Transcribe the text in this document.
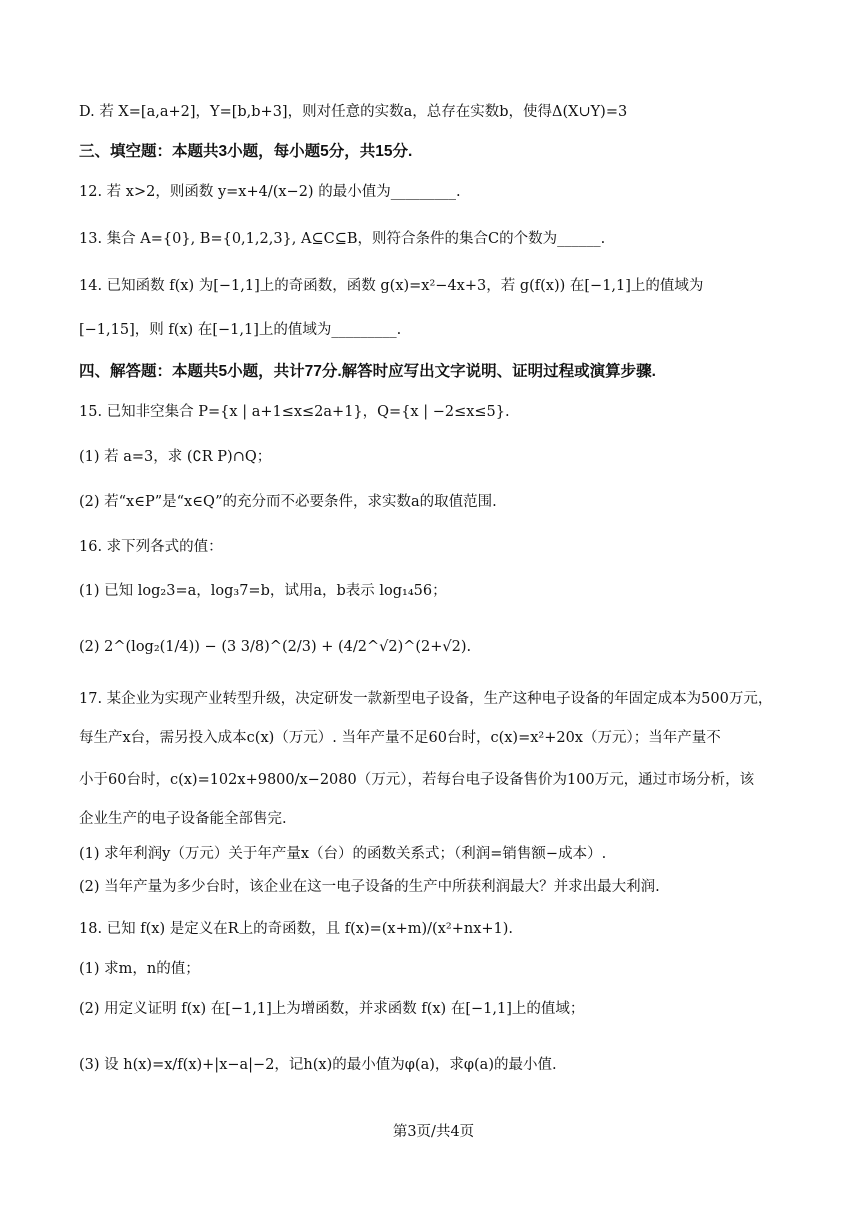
D. 若 X=[a,a+2]，Y=[b,b+3]，则对任意的实数a，总存在实数b，使得Δ(X∪Y)=3
三、填空题：本题共3小题，每小题5分，共15分.
12. 若 x>2，则函数 y=x+4/(x−2) 的最小值为_________.
13. 集合 A={0}, B={0,1,2,3}, A⊆C⊆B，则符合条件的集合C的个数为______.
14. 已知函数 f(x) 为[−1,1]上的奇函数，函数 g(x)=x²−4x+3，若 g(f(x)) 在[−1,1]上的值域为
[−1,15]，则 f(x) 在[−1,1]上的值域为_________.
四、解答题：本题共5小题，共计77分.解答时应写出文字说明、证明过程或演算步骤.
15. 已知非空集合 P={x | a+1≤x≤2a+1}，Q={x | −2≤x≤5}.
(1) 若 a=3，求 (∁R P)∩Q；
(2) 若“x∈P”是“x∈Q”的充分而不必要条件，求实数a的取值范围.
16. 求下列各式的值：
(1) 已知 log₂3=a，log₃7=b，试用a，b表示 log₁₄56；
(2) 2^(log₂(1/4)) − (3 3/8)^(2/3) + (4/2^√2)^(2+√2).
17. 某企业为实现产业转型升级，决定研发一款新型电子设备，生产这种电子设备的年固定成本为500万元，
每生产x台，需另投入成本c(x)（万元）. 当年产量不足60台时，c(x)=x²+20x（万元）；当年产量不
小于60台时，c(x)=102x+9800/x−2080（万元），若每台电子设备售价为100万元，通过市场分析，该
企业生产的电子设备能全部售完.
(1) 求年利润y（万元）关于年产量x（台）的函数关系式；（利润=销售额−成本）.
(2) 当年产量为多少台时，该企业在这一电子设备的生产中所获利润最大？并求出最大利润.
18. 已知 f(x) 是定义在R上的奇函数，且 f(x)=(x+m)/(x²+nx+1).
(1) 求m，n的值；
(2) 用定义证明 f(x) 在[−1,1]上为增函数，并求函数 f(x) 在[−1,1]上的值域；
(3) 设 h(x)=x/f(x)+|x−a|−2，记h(x)的最小值为φ(a)，求φ(a)的最小值.
第3页/共4页
